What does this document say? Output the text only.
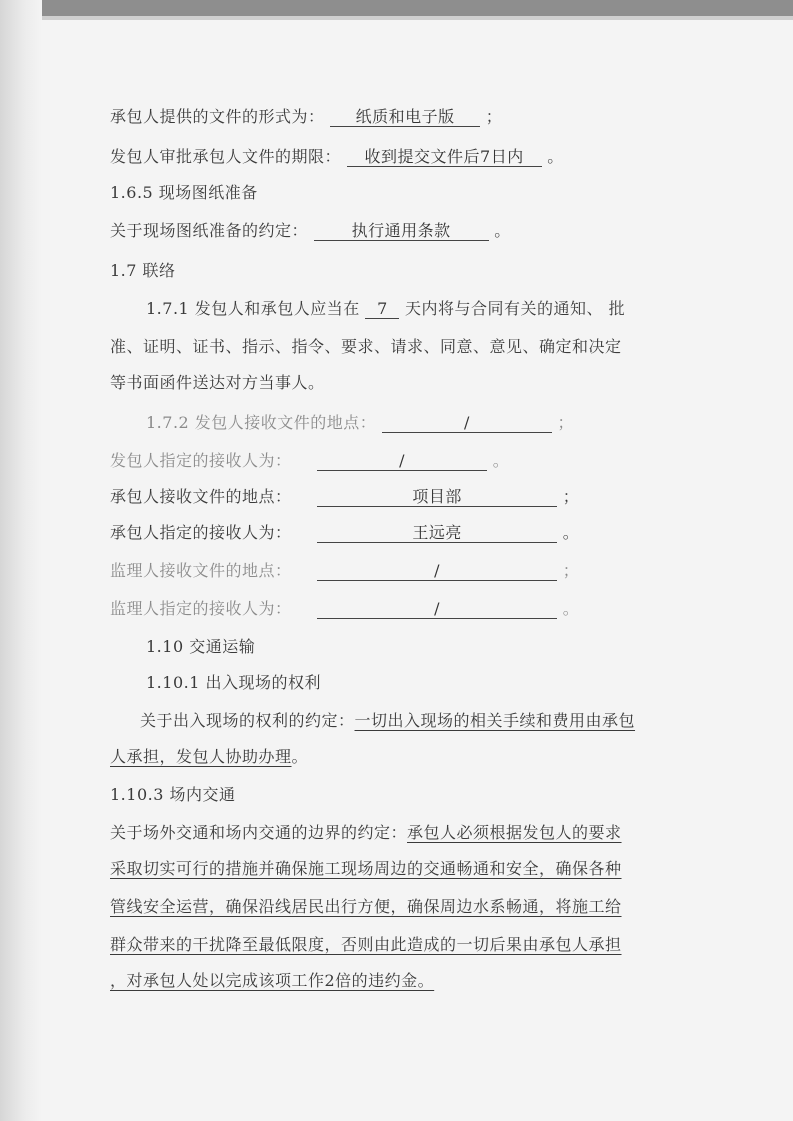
承包人提供的文件的形式为： 纸质和电子版 ；
发包人审批承包人文件的期限： 收到提交文件后7日内 。
1.6.5 现场图纸准备
关于现场图纸准备的约定：	执行通用条款	。
1.7 联络
1.7.1 发包人和承包人应当在 7 天内将与合同有关的通知、 批
准、证明、证书、指示、指令、要求、请求、同意、意见、确定和决定
等书面函件送达对方当事人。
1.7.2 发包人接收文件的地点：	/	；
发包人指定的接收人为：	/	。
承包人接收文件的地点：	项目部	；
承包人指定的接收人为：	王远亮	。
监理人接收文件的地点：	/	；
监理人指定的接收人为：	/	。
1.10 交通运输
1.10.1 出入现场的权利
关于出入现场的权利的约定：一切出入现场的相关手续和费用由承包
人承担，发包人协助办理。
1.10.3 场内交通
关于场外交通和场内交通的边界的约定：承包人必须根据发包人的要求
采取切实可行的措施并确保施工现场周边的交通畅通和安全，确保各种
管线安全运营，确保沿线居民出行方便，确保周边水系畅通，将施工给
群众带来的干扰降至最低限度，否则由此造成的一切后果由承包人承担
，对承包人处以完成该项工作2倍的违约金。
